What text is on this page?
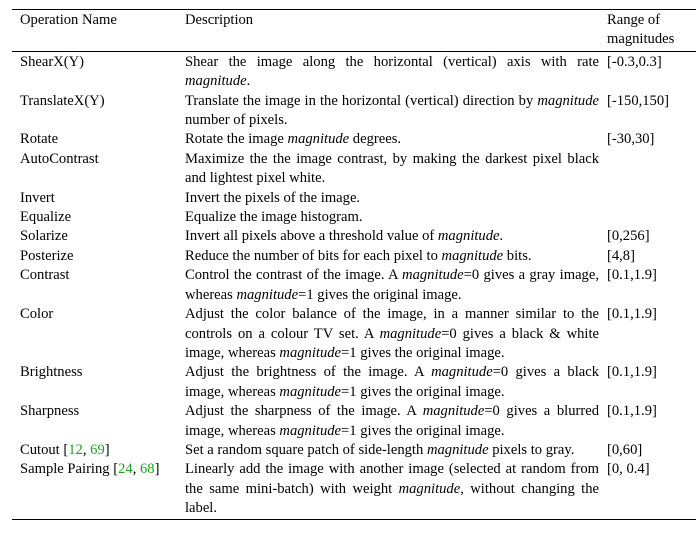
Operation Name	Description	Range of magnitudes
ShearX(Y)	Shear the image along the horizontal (vertical) axis with rate magnitude.	[-0.3,0.3]
TranslateX(Y)	Translate the image in the horizontal (vertical) direction by magnitude number of pixels.	[-150,150]
Rotate	Rotate the image magnitude degrees.	[-30,30]
AutoContrast	Maximize the the image contrast, by making the darkest pixel black and lightest pixel white.	
Invert	Invert the pixels of the image.	
Equalize	Equalize the image histogram.	
Solarize	Invert all pixels above a threshold value of magnitude.	[0,256]
Posterize	Reduce the number of bits for each pixel to magnitude bits.	[4,8]
Contrast	Control the contrast of the image. A magnitude=0 gives a gray image, whereas magnitude=1 gives the original image.	[0.1,1.9]
Color	Adjust the color balance of the image, in a manner similar to the controls on a colour TV set. A magnitude=0 gives a black & white image, whereas magnitude=1 gives the original image.	[0.1,1.9]
Brightness	Adjust the brightness of the image. A magnitude=0 gives a black image, whereas magnitude=1 gives the original image.	[0.1,1.9]
Sharpness	Adjust the sharpness of the image. A magnitude=0 gives a blurred image, whereas magnitude=1 gives the original image.	[0.1,1.9]
Cutout [12, 69]	Set a random square patch of side-length magnitude pixels to gray.	[0,60]
Sample Pairing [24, 68]	Linearly add the image with another image (selected at random from the same mini-batch) with weight magnitude, without changing the label.	[0, 0.4]
